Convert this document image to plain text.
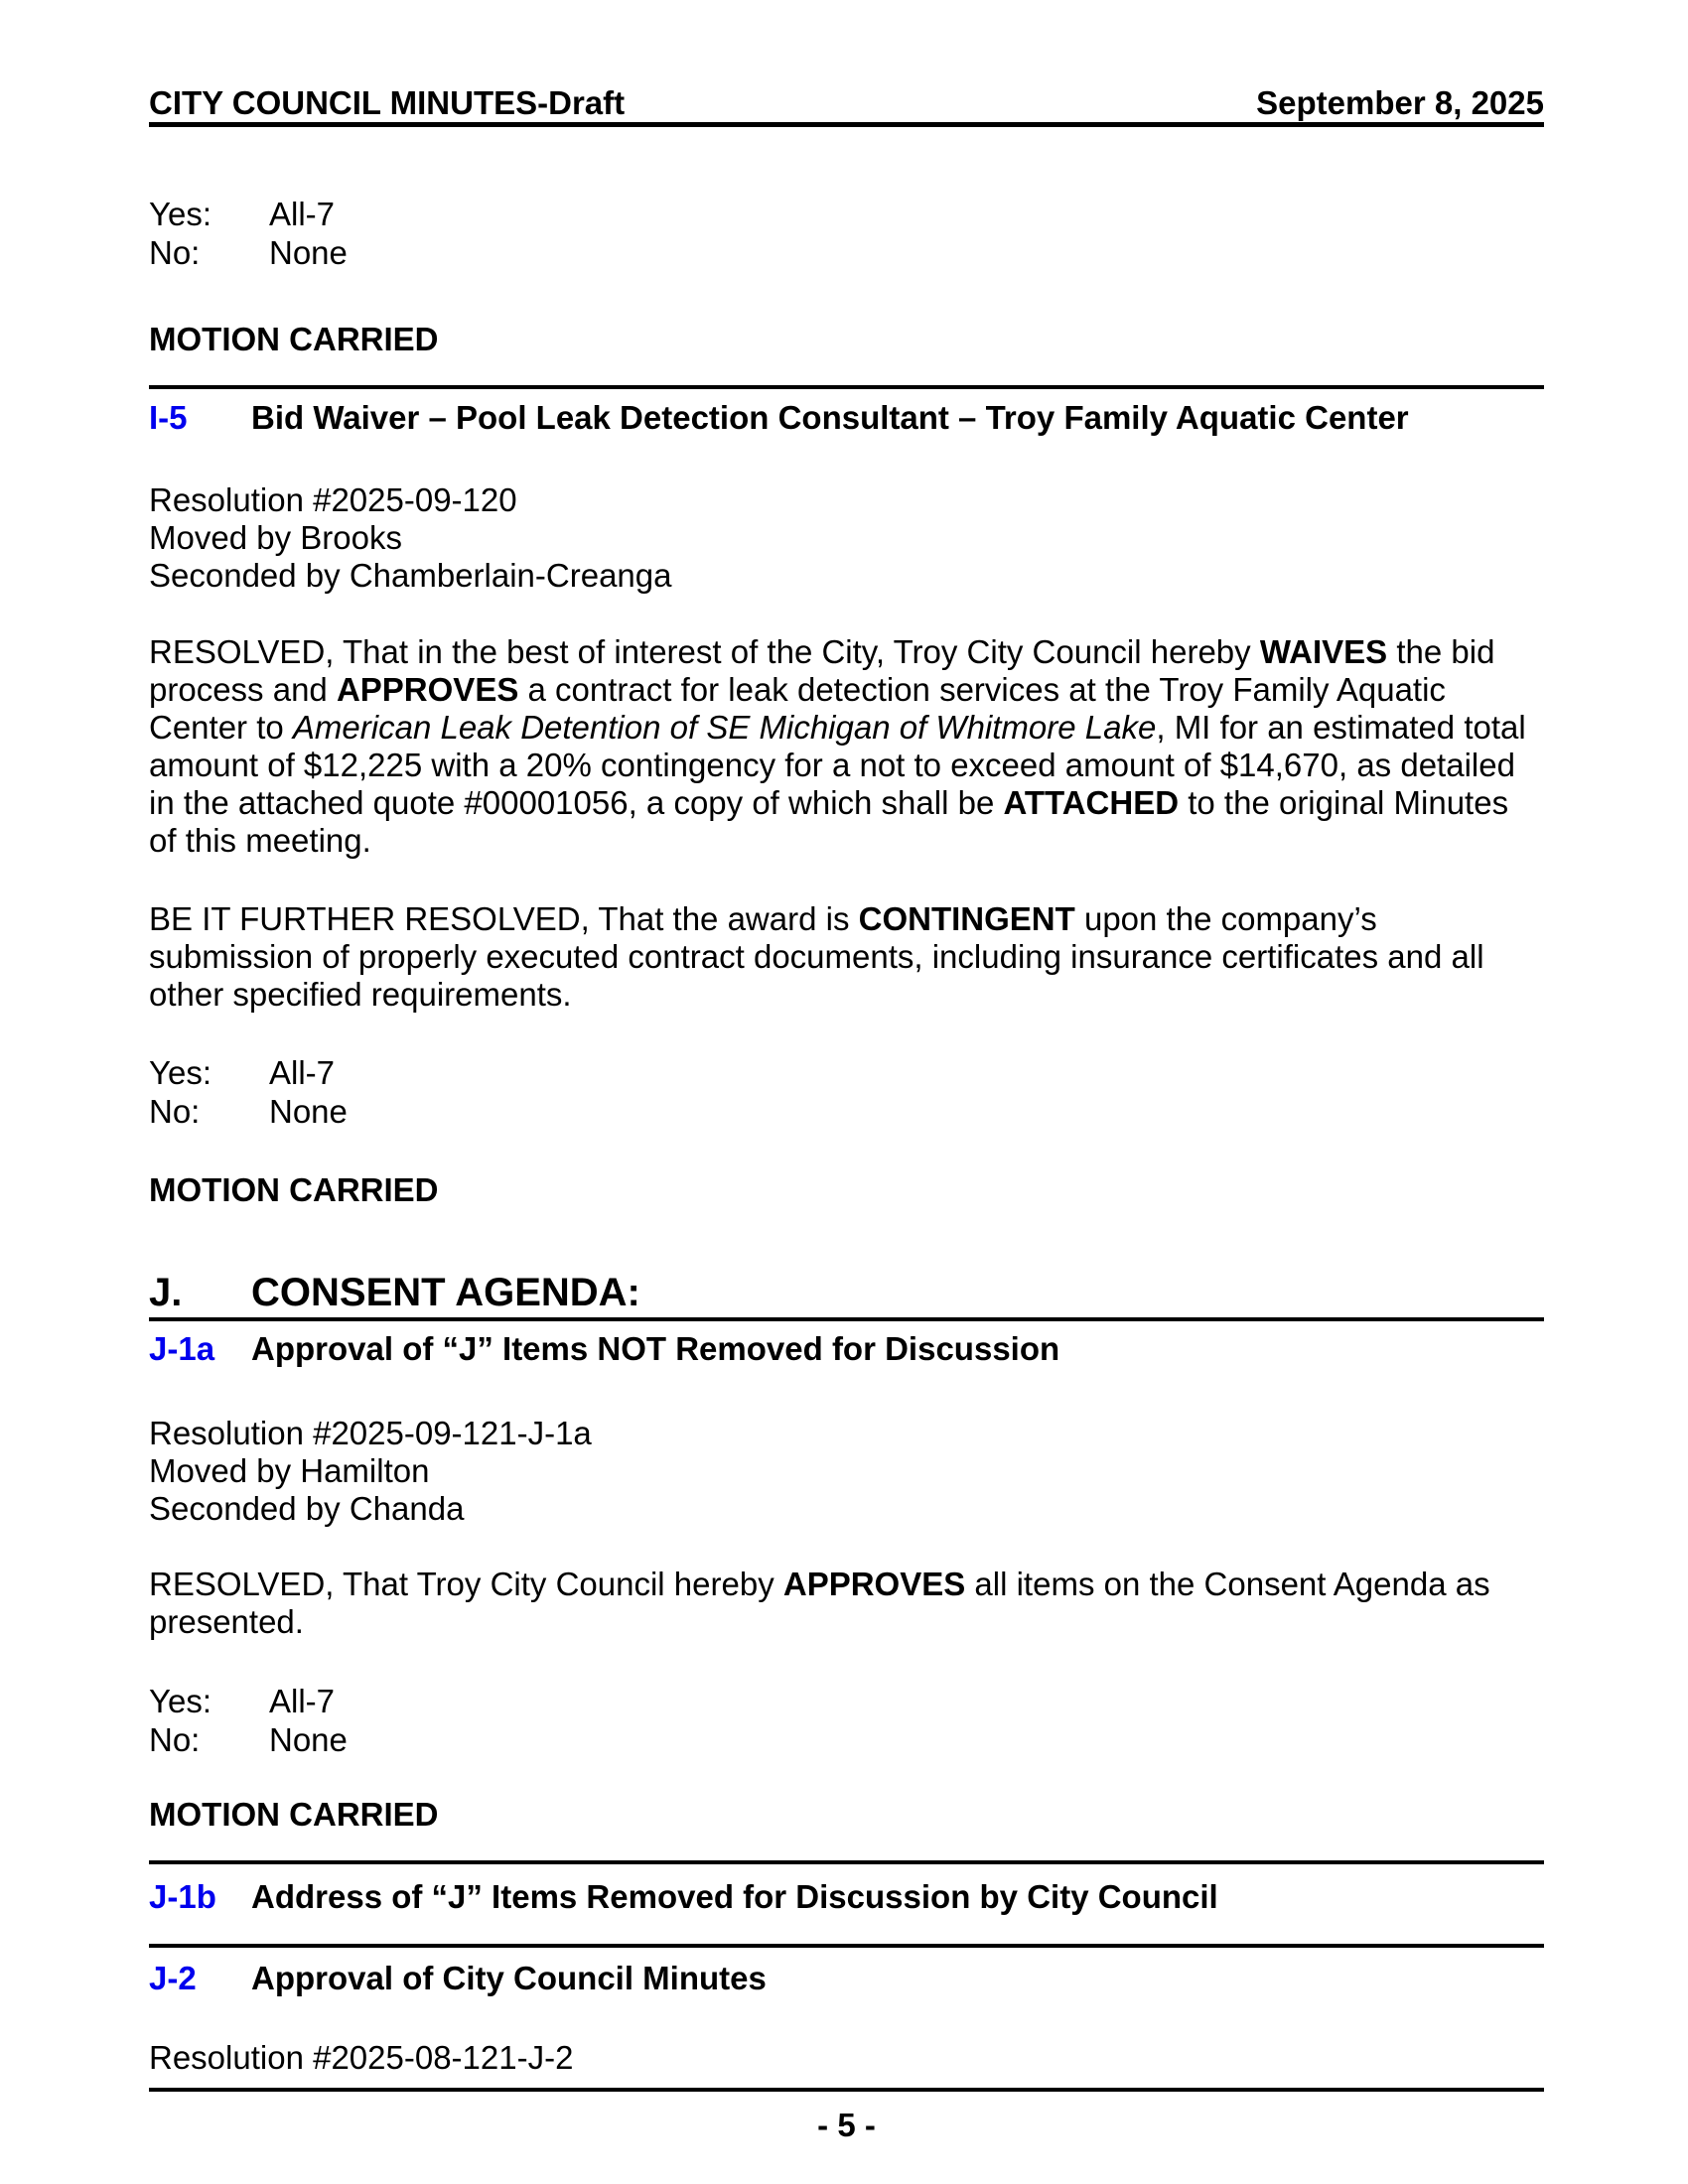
CITY COUNCIL MINUTES-Draft	September 8, 2025
Yes: All-7
No: None
MOTION CARRIED
I-5	Bid Waiver – Pool Leak Detection Consultant – Troy Family Aquatic Center
Resolution #2025-09-120
Moved by Brooks
Seconded by Chamberlain-Creanga
RESOLVED, That in the best of interest of the City, Troy City Council hereby WAIVES the bid process and APPROVES a contract for leak detection services at the Troy Family Aquatic Center to American Leak Detention of SE Michigan of Whitmore Lake, MI for an estimated total amount of $12,225 with a 20% contingency for a not to exceed amount of $14,670, as detailed in the attached quote #00001056, a copy of which shall be ATTACHED to the original Minutes of this meeting.
BE IT FURTHER RESOLVED, That the award is CONTINGENT upon the company’s submission of properly executed contract documents, including insurance certificates and all other specified requirements.
Yes: All-7
No: None
MOTION CARRIED
J.	CONSENT AGENDA:
J-1a	Approval of “J” Items NOT Removed for Discussion
Resolution #2025-09-121-J-1a
Moved by Hamilton
Seconded by Chanda
RESOLVED, That Troy City Council hereby APPROVES all items on the Consent Agenda as presented.
Yes: All-7
No: None
MOTION CARRIED
J-1b	Address of “J” Items Removed for Discussion by City Council
J-2	Approval of City Council Minutes
Resolution #2025-08-121-J-2
- 5 -
